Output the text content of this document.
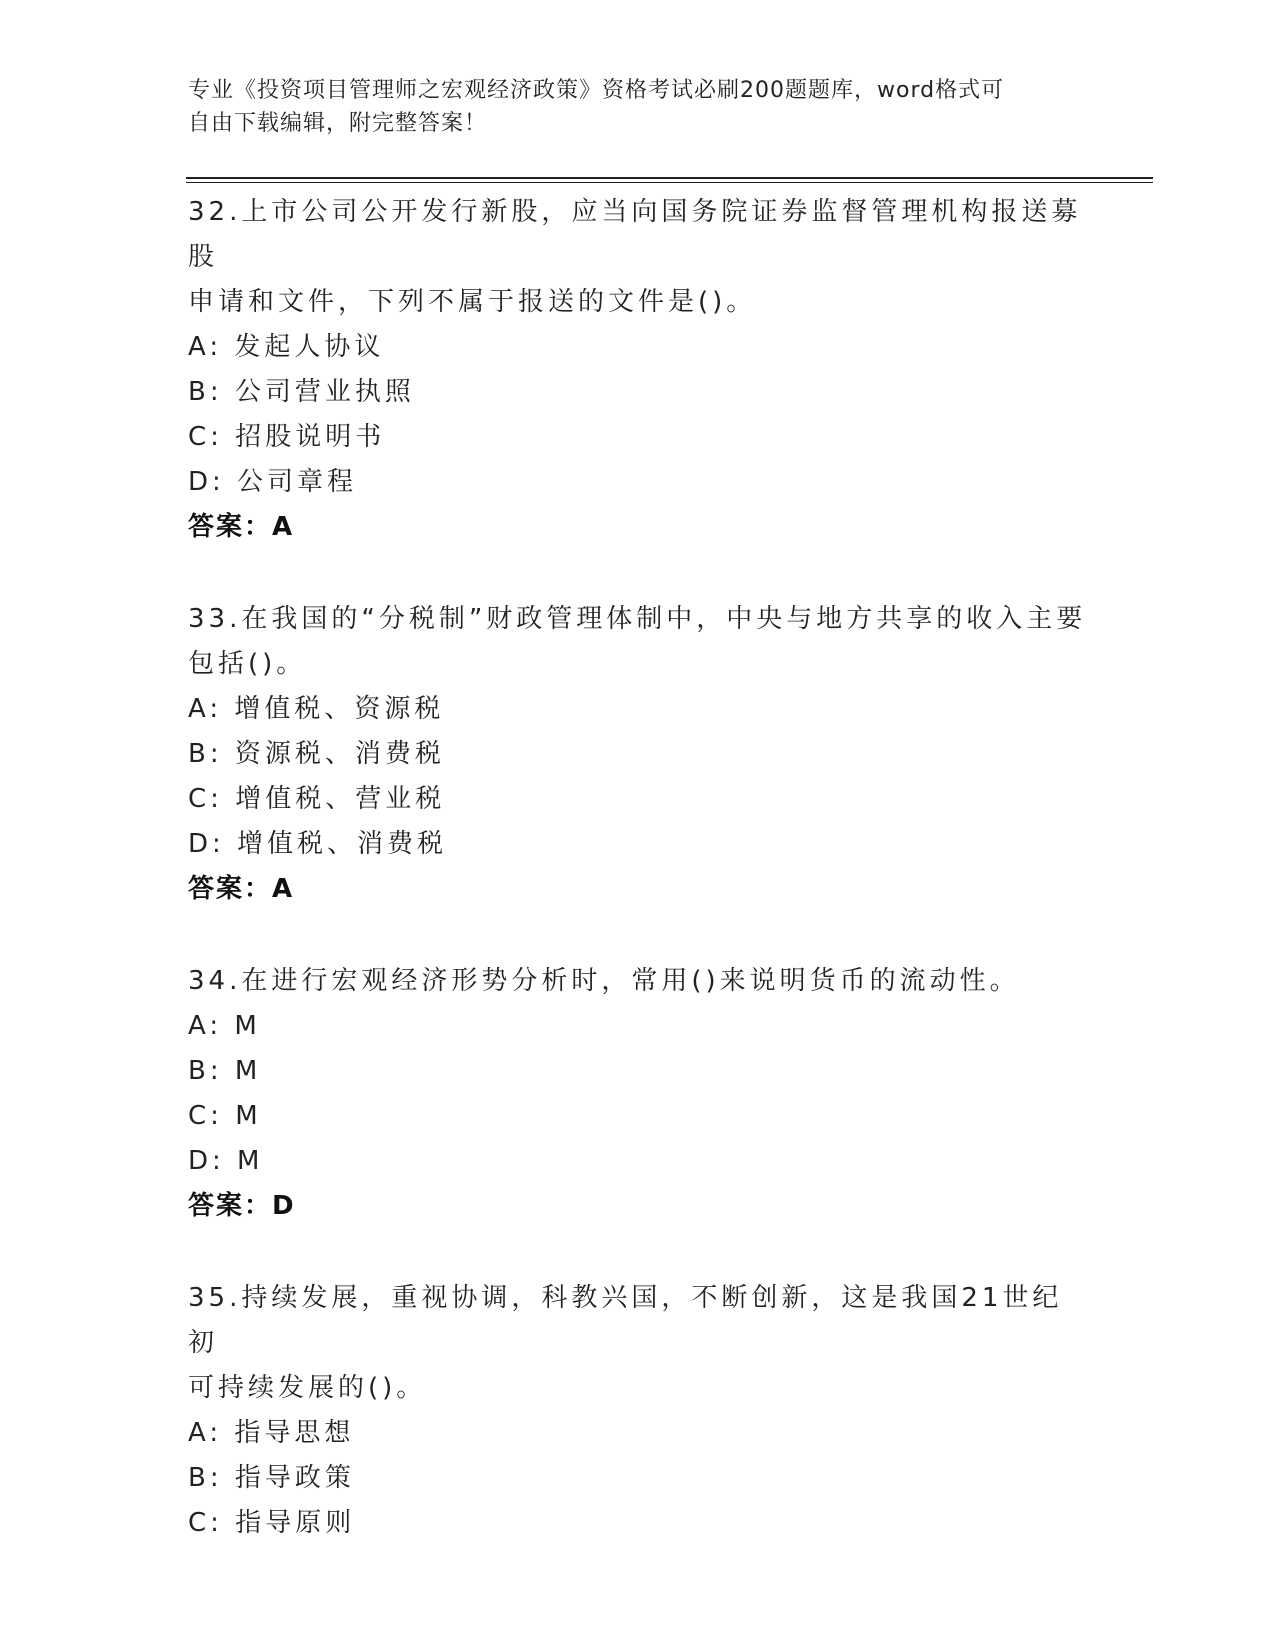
专业《投资项目管理师之宏观经济政策》资格考试必刷200题题库，word格式可
自由下载编辑，附完整答案！
32.上市公司公开发行新股，应当向国务院证券监督管理机构报送募股
申请和文件，下列不属于报送的文件是()。
A: 发起人协议
B: 公司营业执照
C: 招股说明书
D: 公司章程
答案：A
33.在我国的“分税制”财政管理体制中，中央与地方共享的收入主要
包括()。
A: 增值税、资源税
B: 资源税、消费税
C: 增值税、营业税
D: 增值税、消费税
答案：A
34.在进行宏观经济形势分析时，常用()来说明货币的流动性。
A: M
B: M
C: M
D: M
答案：D
35.持续发展，重视协调，科教兴国，不断创新，这是我国21世纪初
可持续发展的()。
A: 指导思想
B: 指导政策
C: 指导原则
